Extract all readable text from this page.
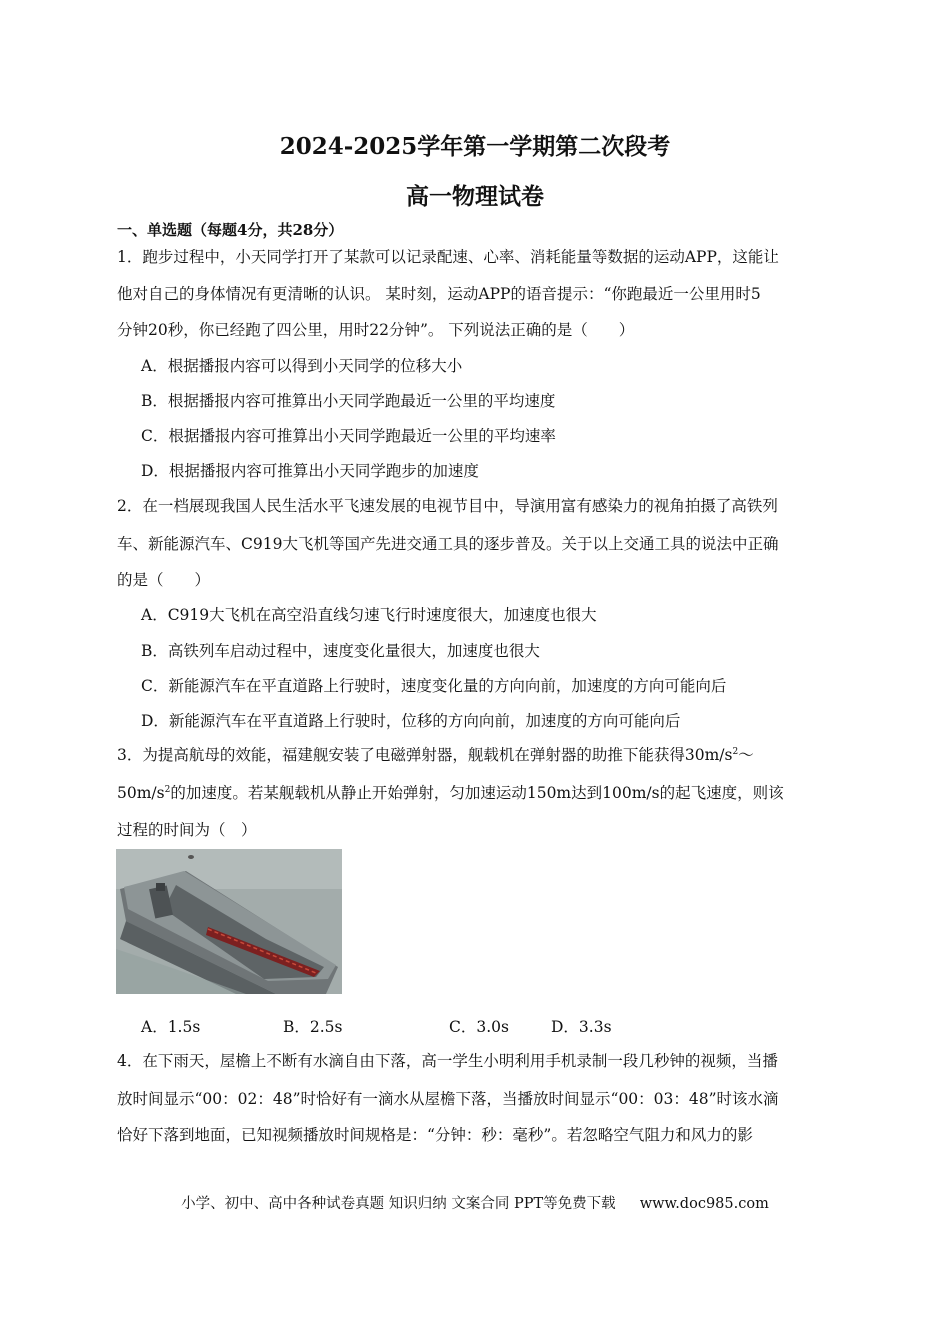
2024-2025学年第一学期第二次段考
高一物理试卷
一、单选题（每题4分，共28分）
1．跑步过程中，小天同学打开了某款可以记录配速、心率、消耗能量等数据的运动APP，这能让
他对自己的身体情况有更清晰的认识。 某时刻，运动APP的语音提示：“你跑最近一公里用时5
分钟20秒，你已经跑了四公里，用时22分钟”。 下列说法正确的是（　　）
A．根据播报内容可以得到小天同学的位移大小
B．根据播报内容可推算出小天同学跑最近一公里的平均速度
C．根据播报内容可推算出小天同学跑最近一公里的平均速率
D．根据播报内容可推算出小天同学跑步的加速度
2．在一档展现我国人民生活水平飞速发展的电视节目中，导演用富有感染力的视角拍摄了高铁列
车、新能源汽车、C919大飞机等国产先进交通工具的逐步普及。关于以上交通工具的说法中正确
的是（　　）
A．C919大飞机在高空沿直线匀速飞行时速度很大，加速度也很大
B．高铁列车启动过程中，速度变化量很大，加速度也很大
C．新能源汽车在平直道路上行驶时，速度变化量的方向向前，加速度的方向可能向后
D．新能源汽车在平直道路上行驶时，位移的方向向前，加速度的方向可能向后
3．为提高航母的效能，福建舰安装了电磁弹射器，舰载机在弹射器的助推下能获得$30m/s^2\sim$
$50m/s^2$的加速度。若某舰载机从静止开始弹射，匀加速运动150m达到100m/s的起飞速度，则该
过程的时间为（　）
A．1.5s	B．2.5s	C．3.0s	D．3.3s
4．在下雨天，屋檐上不断有水滴自由下落，高一学生小明利用手机录制一段几秒钟的视频，当播
放时间显示“00：02：48”时恰好有一滴水从屋檐下落，当播放时间显示“00：03：48”时该水滴
恰好下落到地面，已知视频播放时间规格是：“分钟：秒：毫秒”。若忽略空气阻力和风力的影
小学、初中、高中各种试卷真题 知识归纳 文案合同 PPT等免费下载 www.doc985.com
